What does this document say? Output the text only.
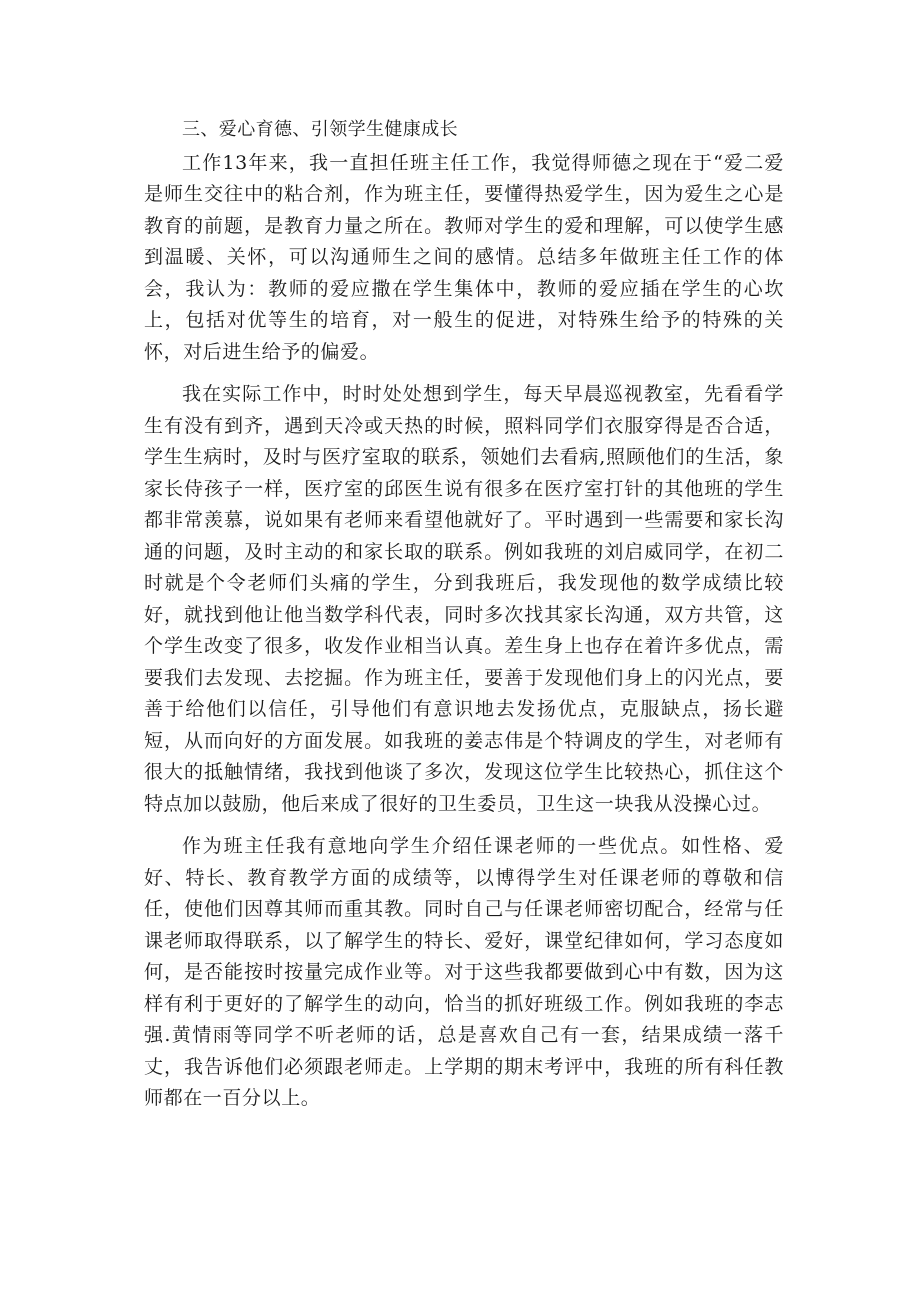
三、爱心育德、引领学生健康成长

工作13年来，我一直担任班主任工作，我觉得师德之现在于“爱二爱是师生交往中的粘合剂，作为班主任，要懂得热爱学生，因为爱生之心是教育的前题，是教育力量之所在。教师对学生的爱和理解，可以使学生感到温暖、关怀，可以沟通师生之间的感情。总结多年做班主任工作的体会，我认为：教师的爱应撒在学生集体中，教师的爱应插在学生的心坎上，包括对优等生的培育，对一般生的促进，对特殊生给予的特殊的关怀，对后进生给予的偏爱。

我在实际工作中，时时处处想到学生，每天早晨巡视教室，先看看学生有没有到齐，遇到天冷或天热的时候，照料同学们衣服穿得是否合适，学生生病时，及时与医疗室取的联系，领她们去看病,照顾他们的生活，象家长侍孩子一样，医疗室的邱医生说有很多在医疗室打针的其他班的学生都非常羡慕，说如果有老师来看望他就好了。平时遇到一些需要和家长沟通的问题，及时主动的和家长取的联系。例如我班的刘启威同学，在初二时就是个令老师们头痛的学生，分到我班后，我发现他的数学成绩比较好，就找到他让他当数学科代表，同时多次找其家长沟通，双方共管，这个学生改变了很多，收发作业相当认真。差生身上也存在着许多优点，需要我们去发现、去挖掘。作为班主任，要善于发现他们身上的闪光点，要善于给他们以信任，引导他们有意识地去发扬优点，克服缺点，扬长避短，从而向好的方面发展。如我班的姜志伟是个特调皮的学生，对老师有很大的抵触情绪，我找到他谈了多次，发现这位学生比较热心，抓住这个特点加以鼓励，他后来成了很好的卫生委员，卫生这一块我从没操心过。

作为班主任我有意地向学生介绍任课老师的一些优点。如性格、爱好、特长、教育教学方面的成绩等，以博得学生对任课老师的尊敬和信任，使他们因尊其师而重其教。同时自己与任课老师密切配合，经常与任课老师取得联系，以了解学生的特长、爱好，课堂纪律如何，学习态度如何，是否能按时按量完成作业等。对于这些我都要做到心中有数，因为这样有利于更好的了解学生的动向，恰当的抓好班级工作。例如我班的李志强.黄情雨等同学不听老师的话，总是喜欢自己有一套，结果成绩一落千丈，我告诉他们必须跟老师走。上学期的期末考评中，我班的所有科任教师都在一百分以上。
